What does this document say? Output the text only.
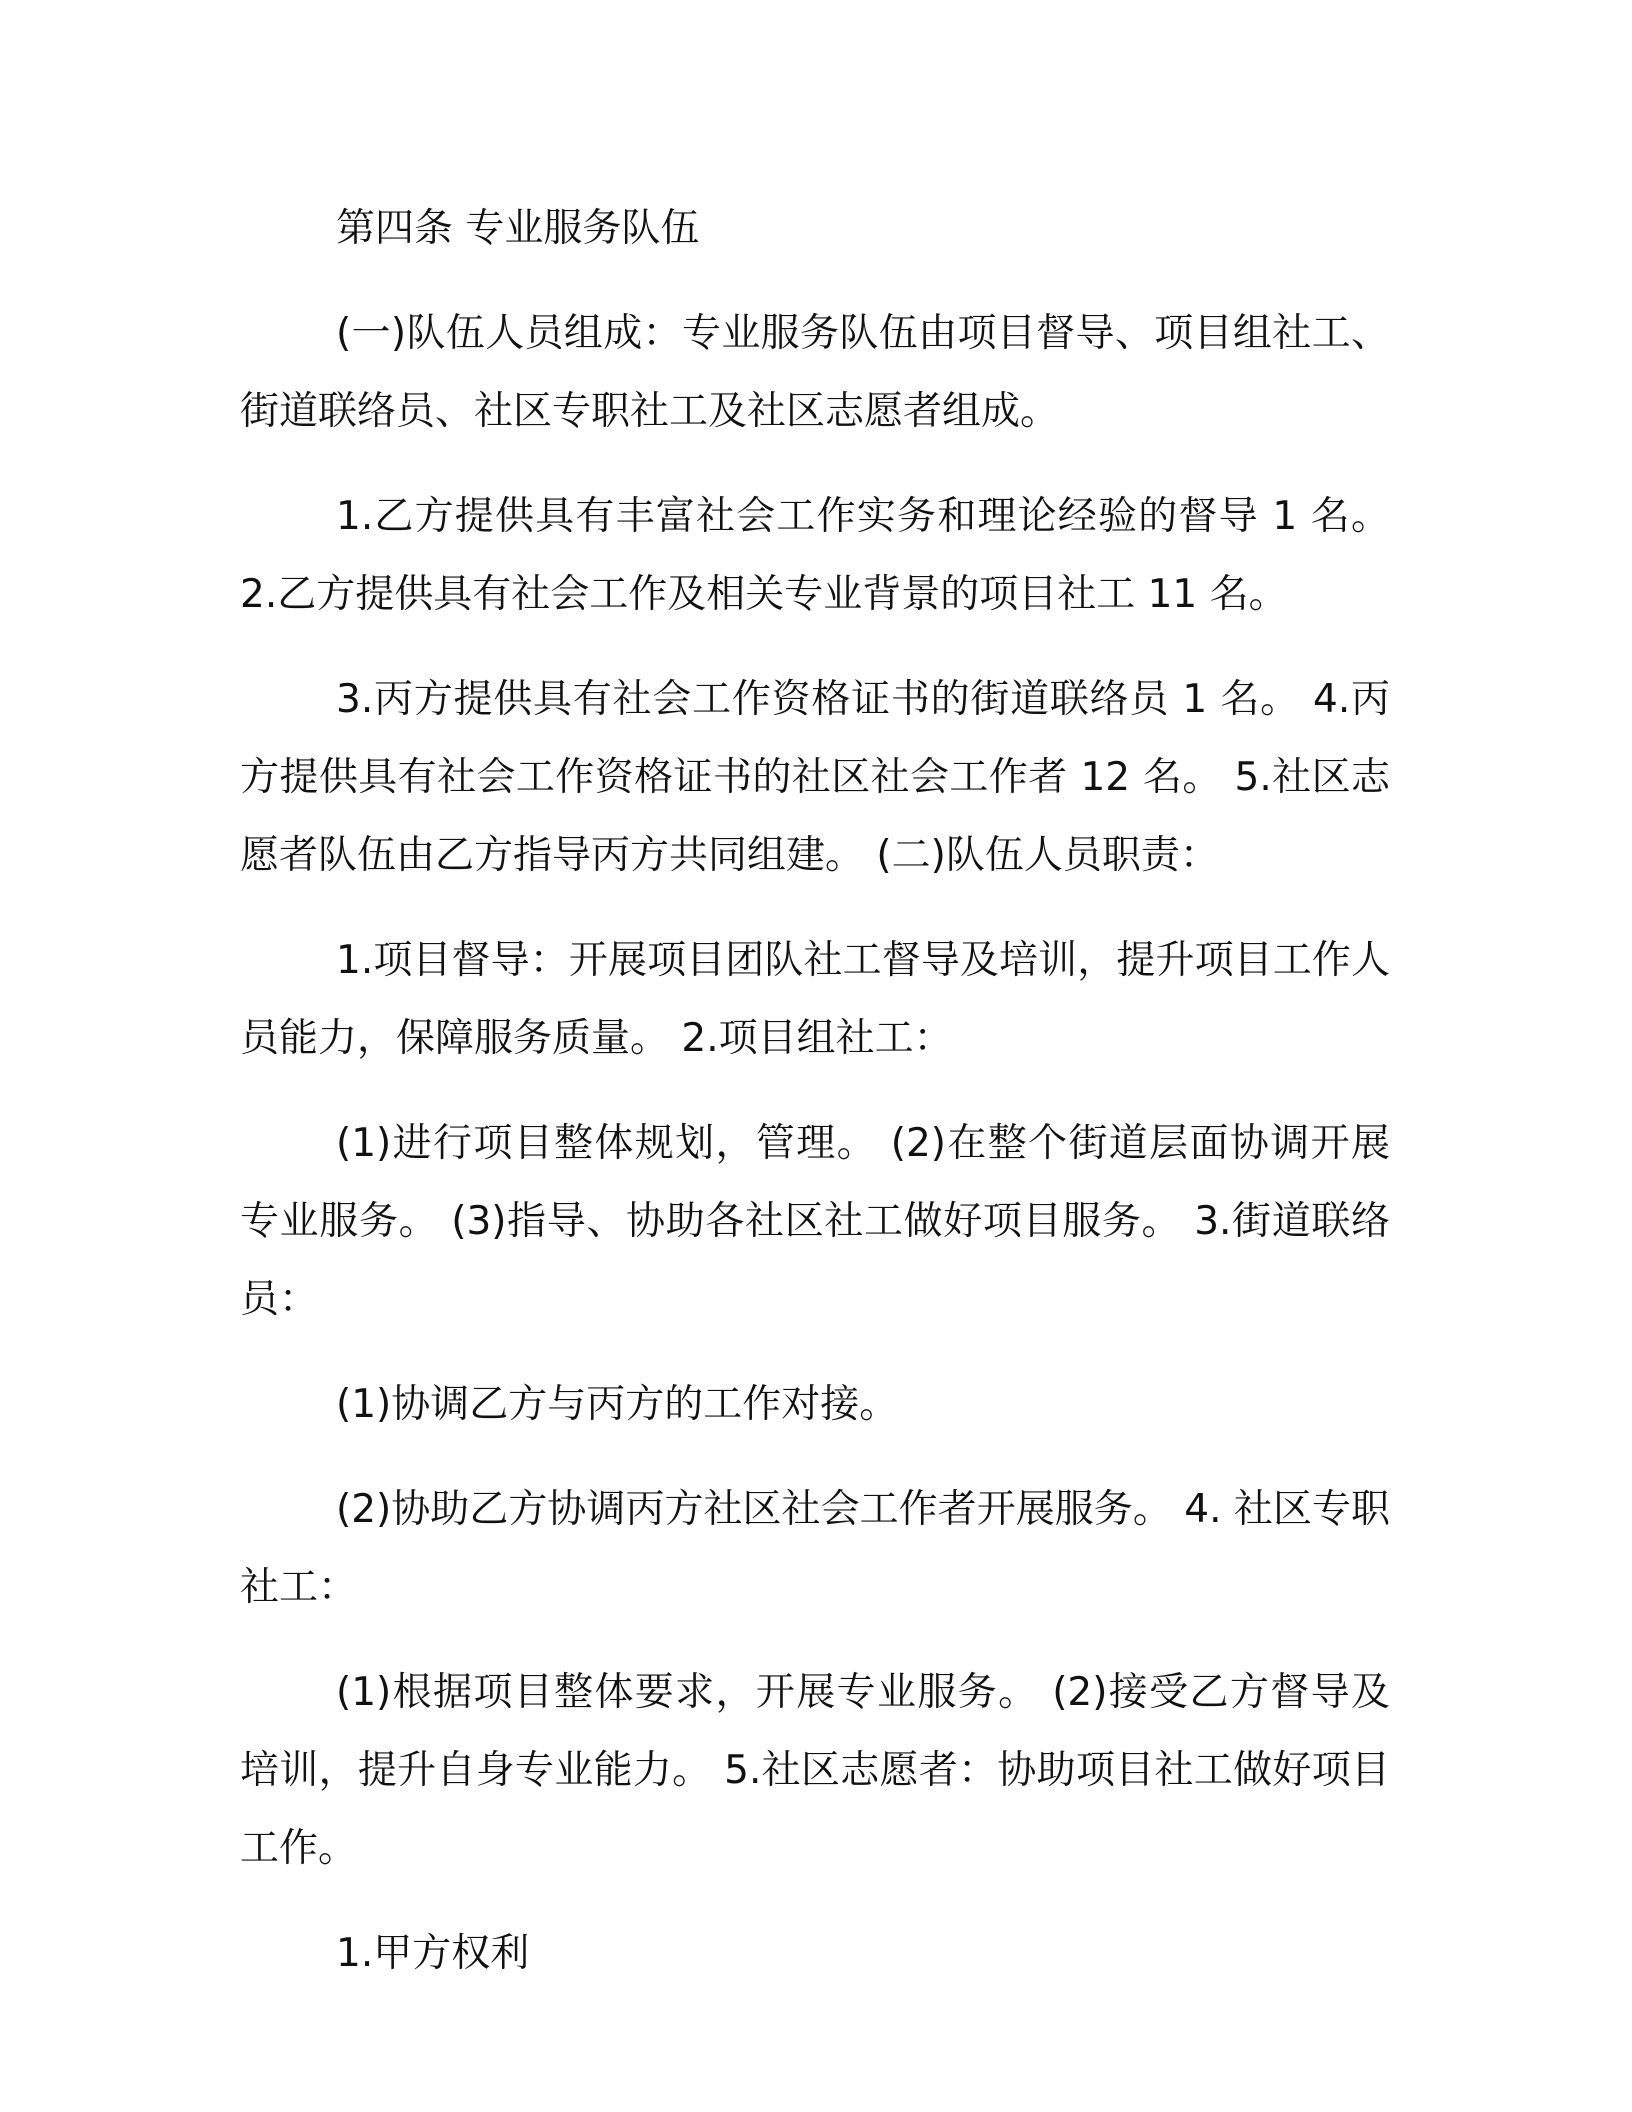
第四条 专业服务队伍

(一)队伍人员组成：专业服务队伍由项目督导、项目组社工、街道联络员、社区专职社工及社区志愿者组成。

1.乙方提供具有丰富社会工作实务和理论经验的督导 1 名。 2.乙方提供具有社会工作及相关专业背景的项目社工 11 名。

3.丙方提供具有社会工作资格证书的街道联络员 1 名。 4.丙方提供具有社会工作资格证书的社区社会工作者 12 名。 5.社区志愿者队伍由乙方指导丙方共同组建。 (二)队伍人员职责：

1.项目督导：开展项目团队社工督导及培训，提升项目工作人员能力，保障服务质量。 2.项目组社工：

(1)进行项目整体规划，管理。 (2)在整个街道层面协调开展专业服务。 (3)指导、协助各社区社工做好项目服务。 3.街道联络员：

(1)协调乙方与丙方的工作对接。

(2)协助乙方协调丙方社区社会工作者开展服务。 4. 社区专职社工：

(1)根据项目整体要求，开展专业服务。 (2)接受乙方督导及培训，提升自身专业能力。 5.社区志愿者：协助项目社工做好项目工作。

1.甲方权利
